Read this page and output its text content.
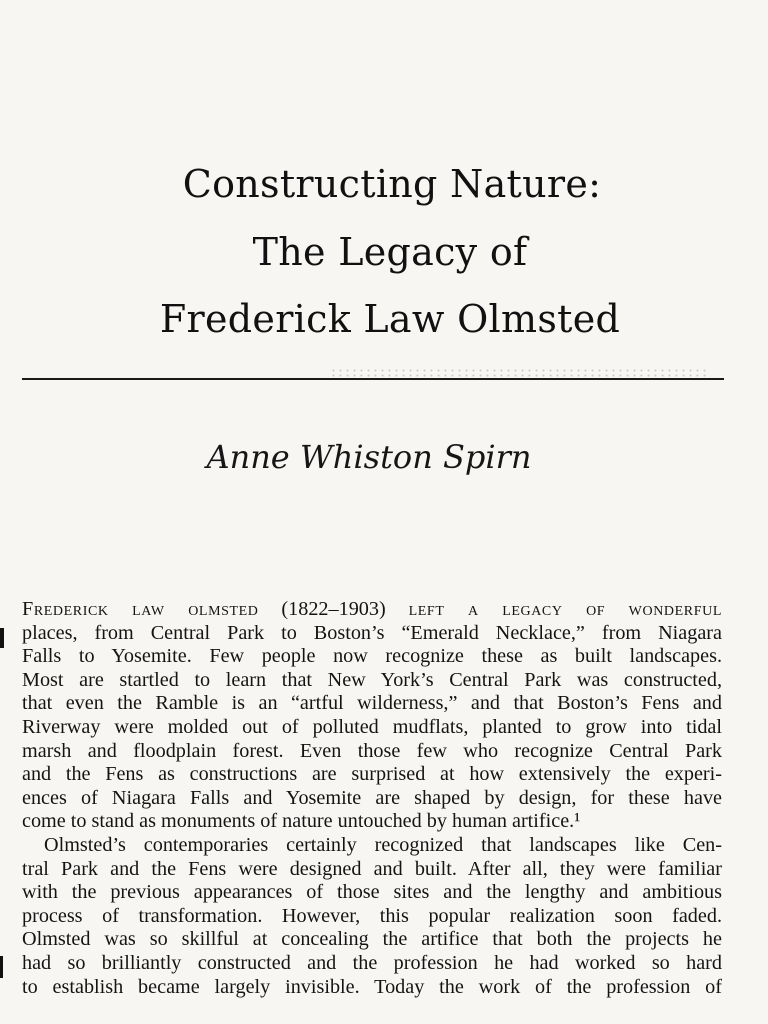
Constructing Nature:
The Legacy of
Frederick Law Olmsted
Anne Whiston Spirn
Frederick law olmsted (1822–1903) left a legacy of wonderful
places, from Central Park to Boston’s “Emerald Necklace,” from Niagara
Falls to Yosemite. Few people now recognize these as built landscapes.
Most are startled to learn that New York’s Central Park was constructed,
that even the Ramble is an “artful wilderness,” and that Boston’s Fens and
Riverway were molded out of polluted mudflats, planted to grow into tidal
marsh and floodplain forest. Even those few who recognize Central Park
and the Fens as constructions are surprised at how extensively the experi-
ences of Niagara Falls and Yosemite are shaped by design, for these have
come to stand as monuments of nature untouched by human artifice.¹
Olmsted’s contemporaries certainly recognized that landscapes like Cen-
tral Park and the Fens were designed and built. After all, they were familiar
with the previous appearances of those sites and the lengthy and ambitious
process of transformation. However, this popular realization soon faded.
Olmsted was so skillful at concealing the artifice that both the projects he
had so brilliantly constructed and the profession he had worked so hard
to establish became largely invisible. Today the work of the profession of
